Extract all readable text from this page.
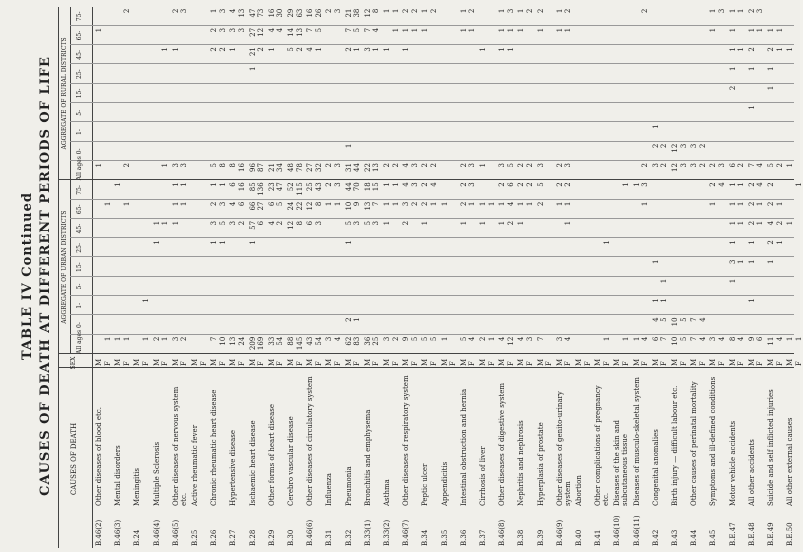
TABLE IV Continued CAUSES OF DEATH AT DIFFERENT PERIODS OF LIFE CAUSES OF DEATH
SEX
AGGREGATE OF URBAN DISTRICTS
AGGREGATE OF RURAL DISTRICTS
All ages
All ages
0-
0-
1-
1-
5-
5-
15-
15-
25-
25-
45-
45-
65-
65-
75-
75-
B.46(2)
Other diseases of blood etc.
M
1
1
F
1
1
B.46(3)
Mental disorders
M
1
1
F
1
1
2
2
B.24
Meningitis
M F
1
1
B.46(4)
Multiple Sclerosis
M
2
1
1
F
1
1
1
1
B.46(5)
Other diseases of nervous system etc.
M
3
1
1
1
3
1
2
F
2
1
1
3
3
B.25
Active rheumatic fever
M F
B.26
Chronic rheumatic heart disease
M
7
1
3
2
1
5
2
2
1
F
10
1
5
3
1
8
2
3
3
B.27
Hypertensive disease
M
13
3
4
6
8
1
3
4
F
24
2
6
16
16
3
13
B.28
Ischaemic heart disease
M
209
1
57
66
85
96
1
21
27
47
F
169
6
27
136
87
2
12
73
B.29
Other forms of heart disease
M
33
4
6
23
21
1
4
16
F
54
2
5
47
34
4
30
B.30
Cerebro vascular disease
M
88
12
24
52
48
5
14
29
F
145
8
22
115
78
2
13
63
B.46(6)
Other diseases of circulatory system
M
43
6
12
25
27
4
7
16
F
54
3
8
43
32
1
5
26
B.31
Influenza
M
3
1
2
2
2
F
4
1
3
3
3
B.32
Pneumonia
M
62
2
1
5
10
44
31
1
2
7
21
F
83
1
3
9
70
44
1
5
38
B.33(1)
Bronchitis and emphysema
M
36
5
13
18
22
3
7
12
F
25
3
7
15
13
1
4
8
B.33(2)
Asthma
M
3
1
1
1
2
1
1
F
2
1
1
2
1
1
B.46(7)
Other diseases of respiratory system
M
9
2
3
4
4
1
1
2
F
5
2
3
3
1
2
B.34
Peptic ulcer
M
5
1
2
2
2
1
1
F
5
1
4
2
2
B.35
Appendicitis
M
1
1
F
B.36
Intestinal obstruction and hernia
M
5
1
2
2
2
1
1
F
4
1
3
3
1
2
B.37
Cirrhosis of liver
M
2
1
1
1
1
F
1
1
B.46(8)
Other diseases of digestive system
M
4
1
1
2
3
1
1
1
F
12
2
4
6
5
1
1
3
B.38
Nephritis and nephrosis
M
4
1
1
2
2
1
1
F
3
1
2
2
2
B.39
Hyperplasia of prostate
M
7
2
5
3
1
2
F
B.46(9)
Other diseases of genito-urinary system
M
3
1
2
2
1
1
F
4
1
1
2
3
1
2
B.40
Abortion
M F
B.41
Other complications of pregnancy etc.
M F
1
1
B.46(10)
Diseases of the skin and subcutaneous tissue
M F
1
1
B.46(11)
Diseases of musculo-skeletal system
M
1
1
F
4
1
3
2
2
B.42
Congenital anomalies
M
6
4
1
1
3
2
1
F
7
5
1
1
2
2
B.43
Birth injury — difficult labour etc.
M
10
10
12
12
F
5
5
3
3
B.44
Other causes of perinatal mortality
M
7
7
3
3
F
4
4
2
2
B.45
Symptoms and ill-defined conditions
M
3
1
2
2
1
1
F
4
4
3
3
B.E.47
Motor vehicle accidents
M
8
1
3
1
1
1
1
6
2
1
1
1
1
F
4
1
1
1
1
2
1
1
B.E.48
All other accidents
M
9
1
1
1
2
2
2
7
1
1
2
1
2
F
6
1
1
4
4
1
3
B.E.49
Suicide and self inflicted injuries
M
11
1
2
4
2
2
5
1
1
2
1
F
4
1
2
1
2
1
1
B.E.50
All other external causes
M
1
1
1
1
F
1
1
